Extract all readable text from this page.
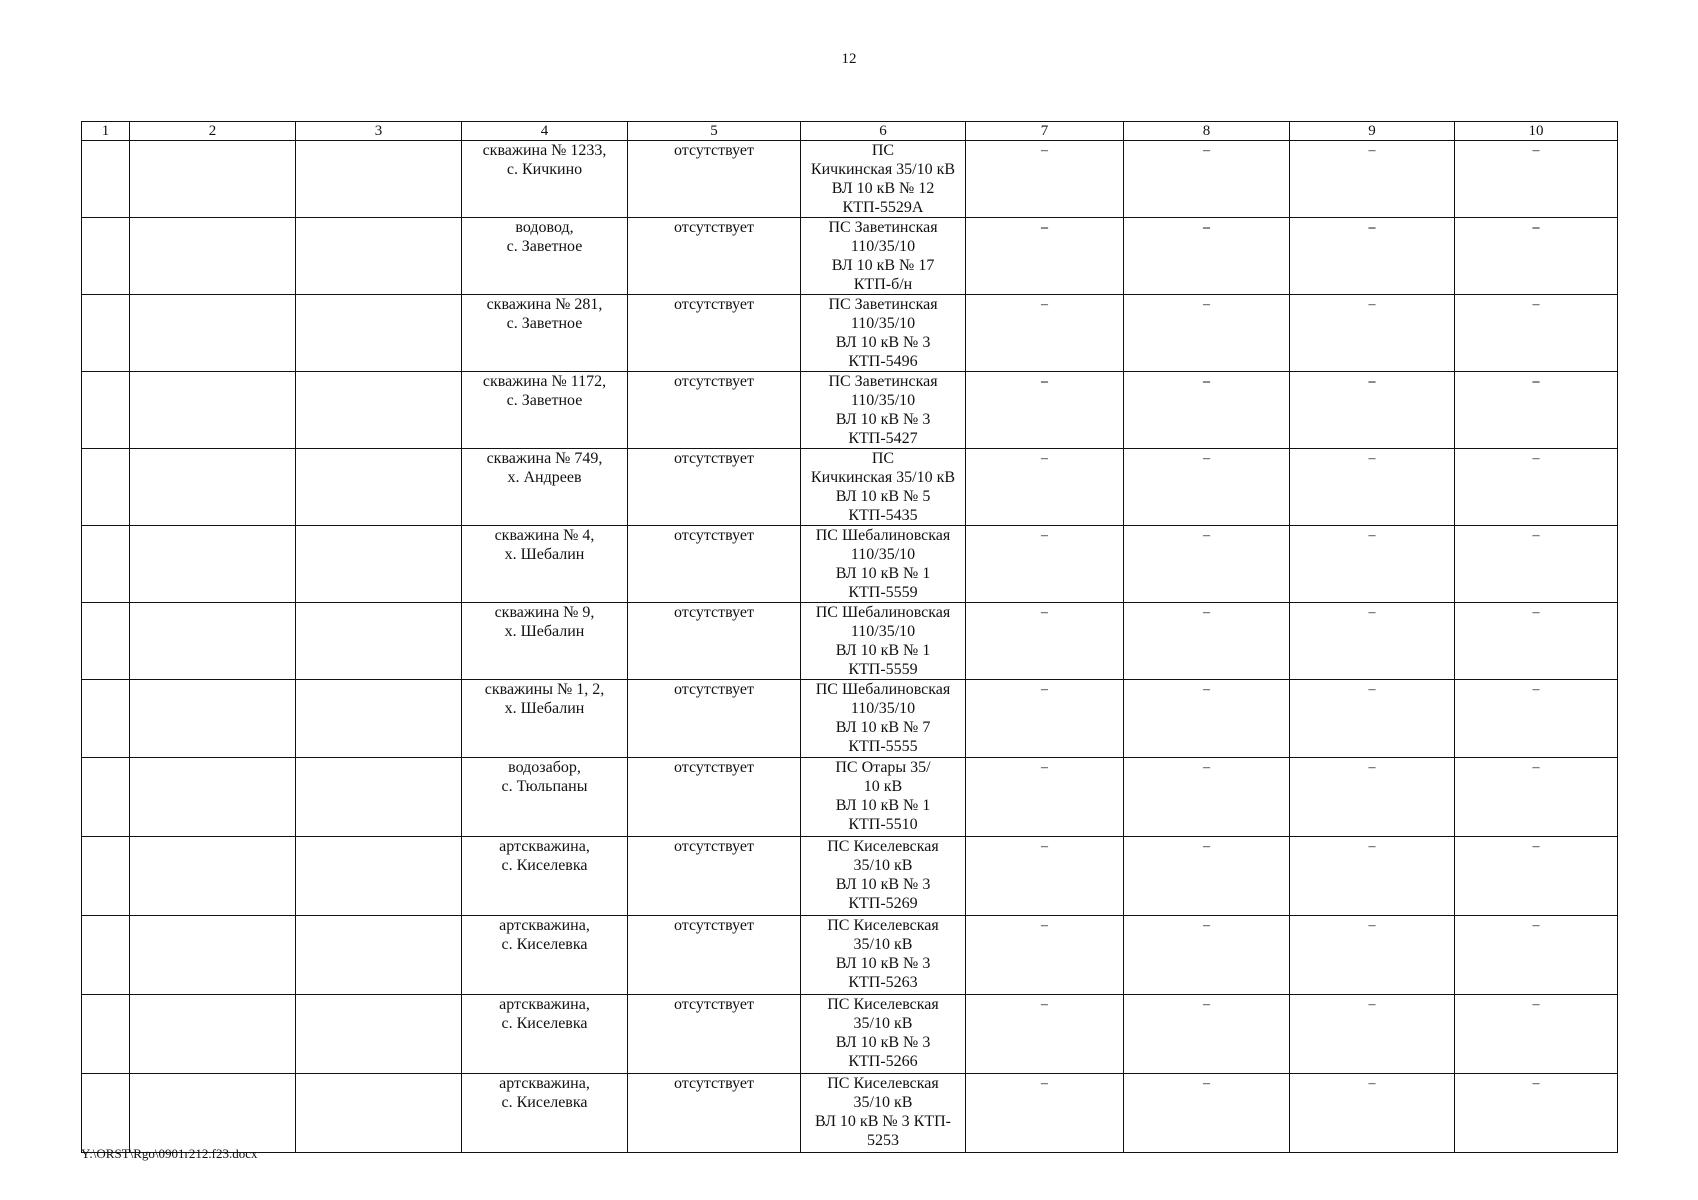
12
1	2	3	4	5	6	7	8	9	10

			скважина № 1233,
с. Кичкино	отсутствует	ПС
Кичкинская 35/10 кВ
ВЛ 10 кВ № 12
КТП-5529А	–	–	–	–

			водовод,
с. Заветное	отсутствует	ПС Заветинская
110/35/10
ВЛ 10 кВ № 17
КТП-б/н	–	–	–	–

			скважина № 281,
с. Заветное	отсутствует	ПС Заветинская
110/35/10
ВЛ 10 кВ № 3
КТП-5496	–	–	–	–

			скважина № 1172,
с. Заветное	отсутствует	ПС Заветинская
110/35/10
ВЛ 10 кВ № 3
КТП-5427	–	–	–	–

			скважина № 749,
х. Андреев	отсутствует	ПС
Кичкинская 35/10 кВ
ВЛ 10 кВ № 5
КТП-5435	–	–	–	–

			скважина № 4,
х. Шебалин	отсутствует	ПС Шебалиновская
110/35/10
ВЛ 10 кВ № 1
КТП-5559	–	–	–	–

			скважина № 9,
х. Шебалин	отсутствует	ПС Шебалиновская
110/35/10
ВЛ 10 кВ № 1
КТП-5559	–	–	–	–

			скважины № 1, 2,
х. Шебалин	отсутствует	ПС Шебалиновская
110/35/10
ВЛ 10 кВ № 7
КТП-5555	–	–	–	–

			водозабор,
с. Тюльпаны	отсутствует	ПС Отары 35/
10 кВ
ВЛ 10 кВ № 1
КТП-5510	–	–	–	–

			артскважина,
с. Киселевка	отсутствует	ПС Киселевская
35/10 кВ
ВЛ 10 кВ № 3
КТП-5269	–	–	–	–

			артскважина,
с. Киселевка	отсутствует	ПС Киселевская
35/10 кВ
ВЛ 10 кВ № 3
КТП-5263	–	–	–	–

			артскважина,
с. Киселевка	отсутствует	ПС Киселевская
35/10 кВ
ВЛ 10 кВ № 3
КТП-5266	–	–	–	–

			артскважина,
с. Киселевка	отсутствует	ПС Киселевская
35/10 кВ
ВЛ 10 кВ № 3 КТП-
5253	–	–	–	–
Y:\ORST\Rgo\0901r212.f23.docx
